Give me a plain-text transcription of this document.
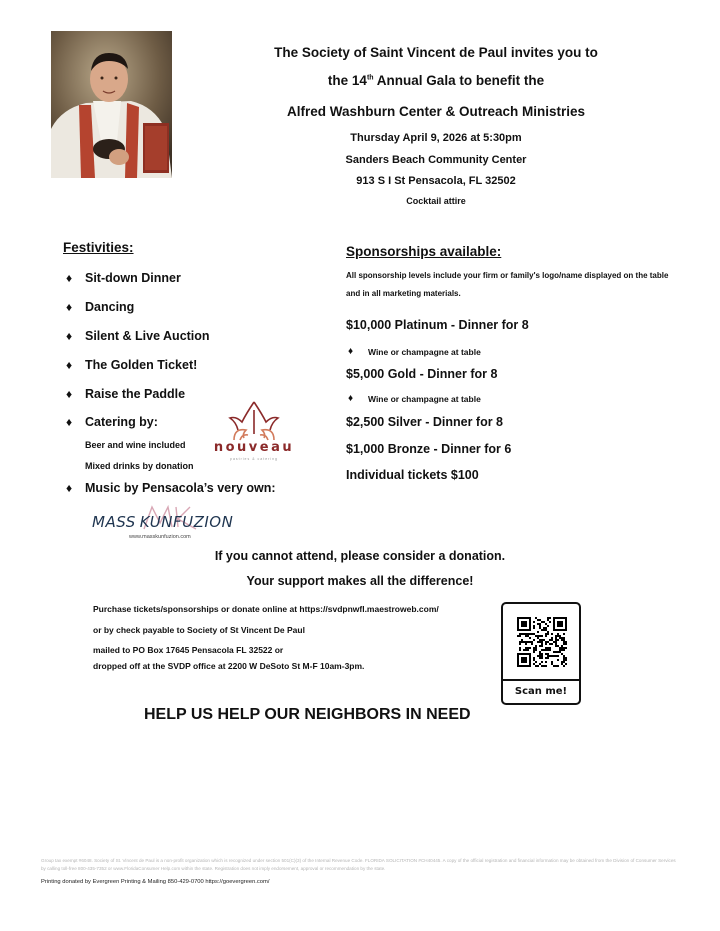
The Society of Saint Vincent de Paul invites you to
the 14th Annual Gala to benefit the
Alfred Washburn Center & Outreach Ministries
Thursday April 9, 2026 at 5:30pm
Sanders Beach Community Center
913 S I St Pensacola, FL 32502
Cocktail attire
Festivities:
♦	Sit-down Dinner
♦	Dancing
♦	Silent & Live Auction
♦	The Golden Ticket!
♦	Raise the Paddle
♦	Catering by:
Beer and wine included
Mixed drinks by donation
♦	Music by Pensacola’s very own:
nouveau
pastries & catering
MASS KUNFUZION
www.masskunfuzion.com
Sponsorships available:
All sponsorship levels include your firm or family's logo/name displayed on the table
and in all marketing materials.
$10,000 Platinum - Dinner for 8
♦	Wine or champagne at table
$5,000 Gold - Dinner for 8
♦	Wine or champagne at table
$2,500 Silver - Dinner for 8
$1,000 Bronze - Dinner for 6
Individual tickets $100
If you cannot attend, please consider a donation.
Your support makes all the difference!
Purchase tickets/sponsorships or donate online at https://svdpnwfl.maestroweb.com/
or by check payable to Society of St Vincent De Paul
mailed to PO Box 17645 Pensacola FL 32522 or
dropped off at the SVDP office at 2200 W DeSoto St M-F 10am-3pm.
Scan me!
HELP US HELP OUR NEIGHBORS IN NEED
Group tax exempt #6048. Society of St. Vincent de Paul is a non-profit organization which is recognized under section 501(C)(3) of the Internal Revenue Code. FLORIDA SOLICITATION #CH40445. A copy of the official registration and financial information may be obtained from the Division of Consumer Services by calling toll-free 800-435-7352 or www.FloridaConsumer Help.com within the state. Registration does not imply endorsement, approval or recommendation by the state.
Printing donated by Evergreen Printing & Mailing 850-429-0700 https://goevergreen.com/
